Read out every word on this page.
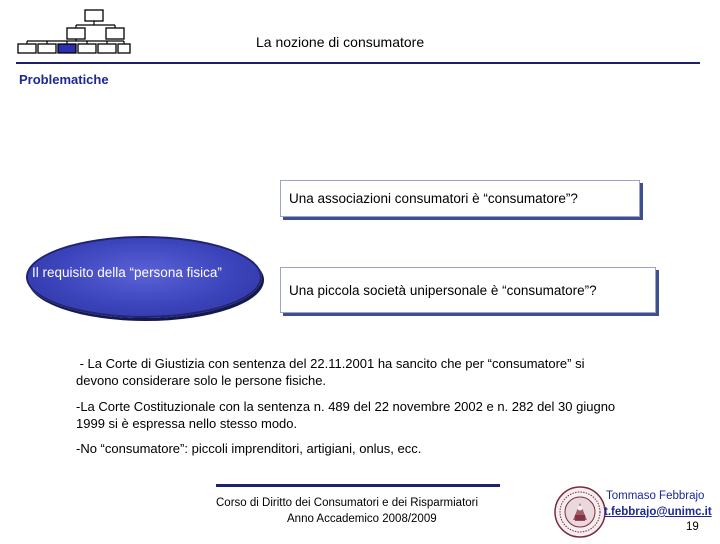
La nozione di consumatore
Problematiche
Una associazioni consumatori è “consumatore”?
Una piccola società unipersonale è “consumatore”?
Il requisito della “persona fisica”
- La Corte di Giustizia con sentenza del 22.11.2001 ha sancito che per “consumatore” si
devono considerare solo le persone fisiche.
-La Corte Costituzionale con la sentenza n. 489 del 22 novembre 2002 e n. 282 del 30 giugno
1999 si è espressa nello stesso modo.
-No “consumatore”: piccoli imprenditori, artigiani, onlus, ecc.
Corso di Diritto dei Consumatori e dei Risparmiatori
Anno Accademico 2008/2009
Tommaso Febbrajo
t.febbrajo@unimc.it
19
